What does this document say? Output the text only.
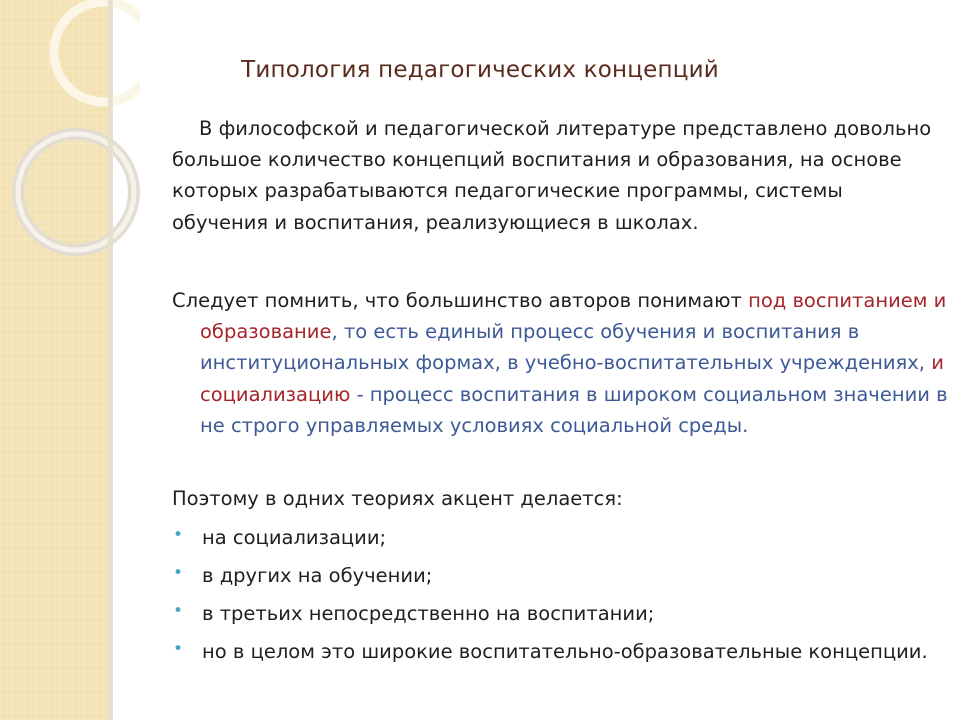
Типология педагогических концепций
В философской и педагогической литературе представлено довольно большое количество концепций воспитания и образования, на основе которых разрабатываются педагогические программы, системы обучения и воспитания, реализующиеся в школах.
Следует помнить, что большинство авторов понимают под воспитанием и образование, то есть единый процесс обучения и воспитания в институциональных формах, в учебно-воспитательных учреждениях, и социализацию - процесс воспитания в широком социальном значении в не строго управляемых условиях социальной среды.
Поэтому в одних теориях акцент делается:
• на социализации;
• в других на обучении;
• в третьих непосредственно на воспитании;
• но в целом это широкие воспитательно-образовательные концепции.
